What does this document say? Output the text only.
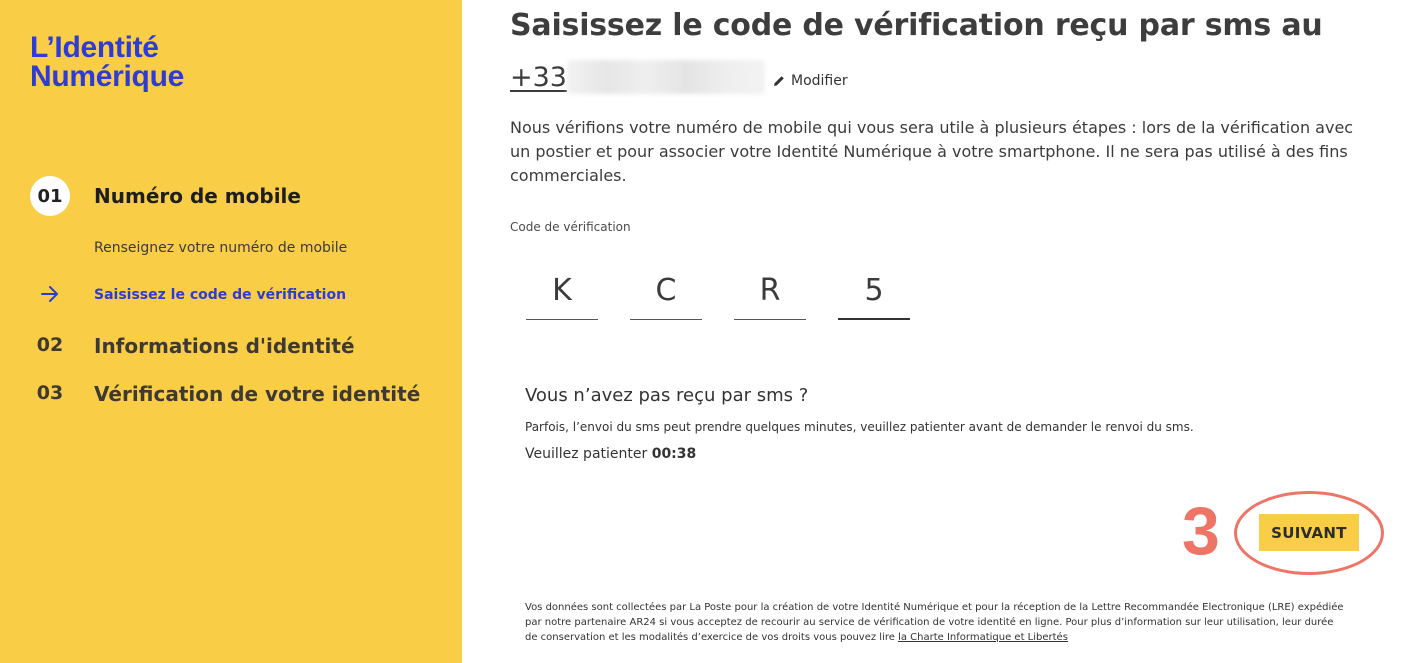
L’Identité
Numérique
01	Numéro de mobile
Renseignez votre numéro de mobile
Saisissez le code de vérification
02	Informations d'identité
03	Vérification de votre identité
Saisissez le code de vérification reçu par sms au
+33	Modifier

Nous vérifions votre numéro de mobile qui vous sera utile à plusieurs étapes : lors de la vérification avec un postier et pour associer votre Identité Numérique à votre smartphone. Il ne sera pas utilisé à des fins commerciales.

Code de vérification
K
C
R
5
Vous n’avez pas reçu par sms ?
Parfois, l’envoi du sms peut prendre quelques minutes, veuillez patienter avant de demander le renvoi du sms.
Veuillez patienter 00:38
3	SUIVANT

Vos données sont collectées par La Poste pour la création de votre Identité Numérique et pour la réception de la Lettre Recommandée Electronique (LRE) expédiée par notre partenaire AR24 si vous acceptez de recourir au service de vérification de votre identité en ligne. Pour plus d’information sur leur utilisation, leur durée de conservation et les modalités d’exercice de vos droits vous pouvez lire la Charte Informatique et Libertés
